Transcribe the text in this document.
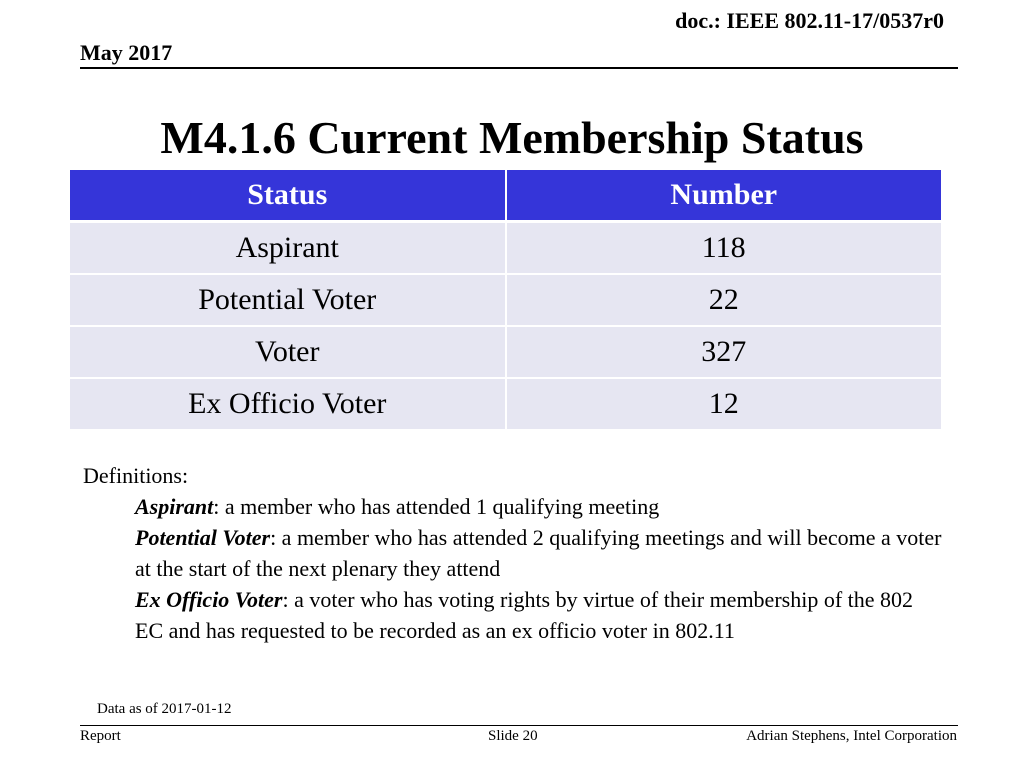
doc.: IEEE 802.11-17/0537r0
May 2017
M4.1.6 Current Membership Status
Status	Number
Aspirant	118
Potential Voter	22
Voter	327
Ex Officio Voter	12
Definitions:
Aspirant: a member who has attended 1 qualifying meeting
Potential Voter: a member who has attended 2 qualifying meetings and will become a voter at the start of the next plenary they attend
Ex Officio Voter: a voter who has voting rights by virtue of their membership of the 802 EC and has requested to be recorded as an ex officio voter in 802.11
Data as of 2017-01-12
Report	Slide 20	Adrian Stephens, Intel Corporation
